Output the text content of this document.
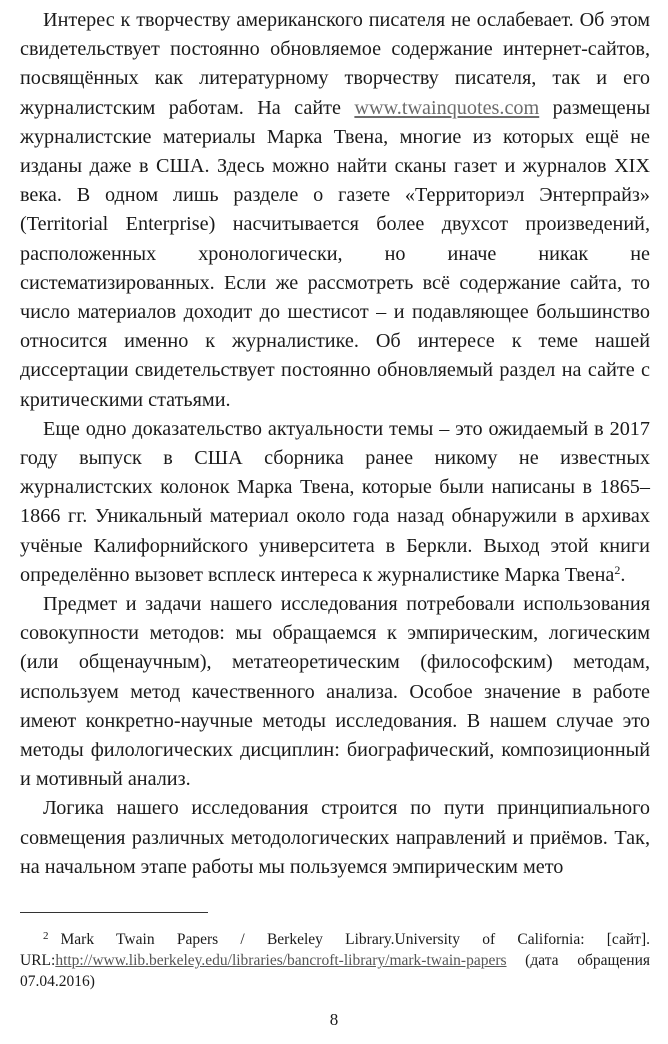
Интерес к творчеству американского писателя не ослабевает. Об этом свидетельствует постоянно обновляемое содержание интернет-сайтов, посвящённых как литературному творчеству писателя, так и его журналистским работам. На сайте www.twainquotes.com размещены журналистские материалы Марка Твена, многие из которых ещё не изданы даже в США. Здесь можно найти сканы газет и журналов XIX века. В одном лишь разделе о газете «Территориэл Энтерпрайз» (Territorial Enterprise) насчитывается более двухсот произведений, расположенных хронологически, но иначе никак не систематизированных. Если же рассмотреть всё содержание сайта, то число материалов доходит до шестисот – и подавляющее большинство относится именно к журналистике. Об интересе к теме нашей диссертации свидетельствует постоянно обновляемый раздел на сайте с критическими статьями.

Еще одно доказательство актуальности темы – это ожидаемый в 2017 году выпуск в США сборника ранее никому не известных журналистских колонок Марка Твена, которые были написаны в 1865–1866 гг. Уникальный материал около года назад обнаружили в архивах учёные Калифорнийского университета в Беркли. Выход этой книги определённо вызовет всплеск интереса к журналистике Марка Твена$^2$.

Предмет и задачи нашего исследования потребовали использования совокупности методов: мы обращаемся к эмпирическим, логическим (или общенаучным), метатеоретическим (философским) методам, используем метод качественного анализа. Особое значение в работе имеют конкретно-научные методы исследования. В нашем случае это методы филологических дисциплин: биографический, композиционный и мотивный анализ.

Логика нашего исследования строится по пути принципиального совмещения различных методологических направлений и приёмов. Так, на начальном этапе работы мы пользуемся эмпирическим мето

$^2$ Mark Twain Papers / Berkeley Library.University of California: [сайт]. URL:http://www.lib.berkeley.edu/libraries/bancroft-library/mark-twain-papers (дата обращения 07.04.2016)

8
